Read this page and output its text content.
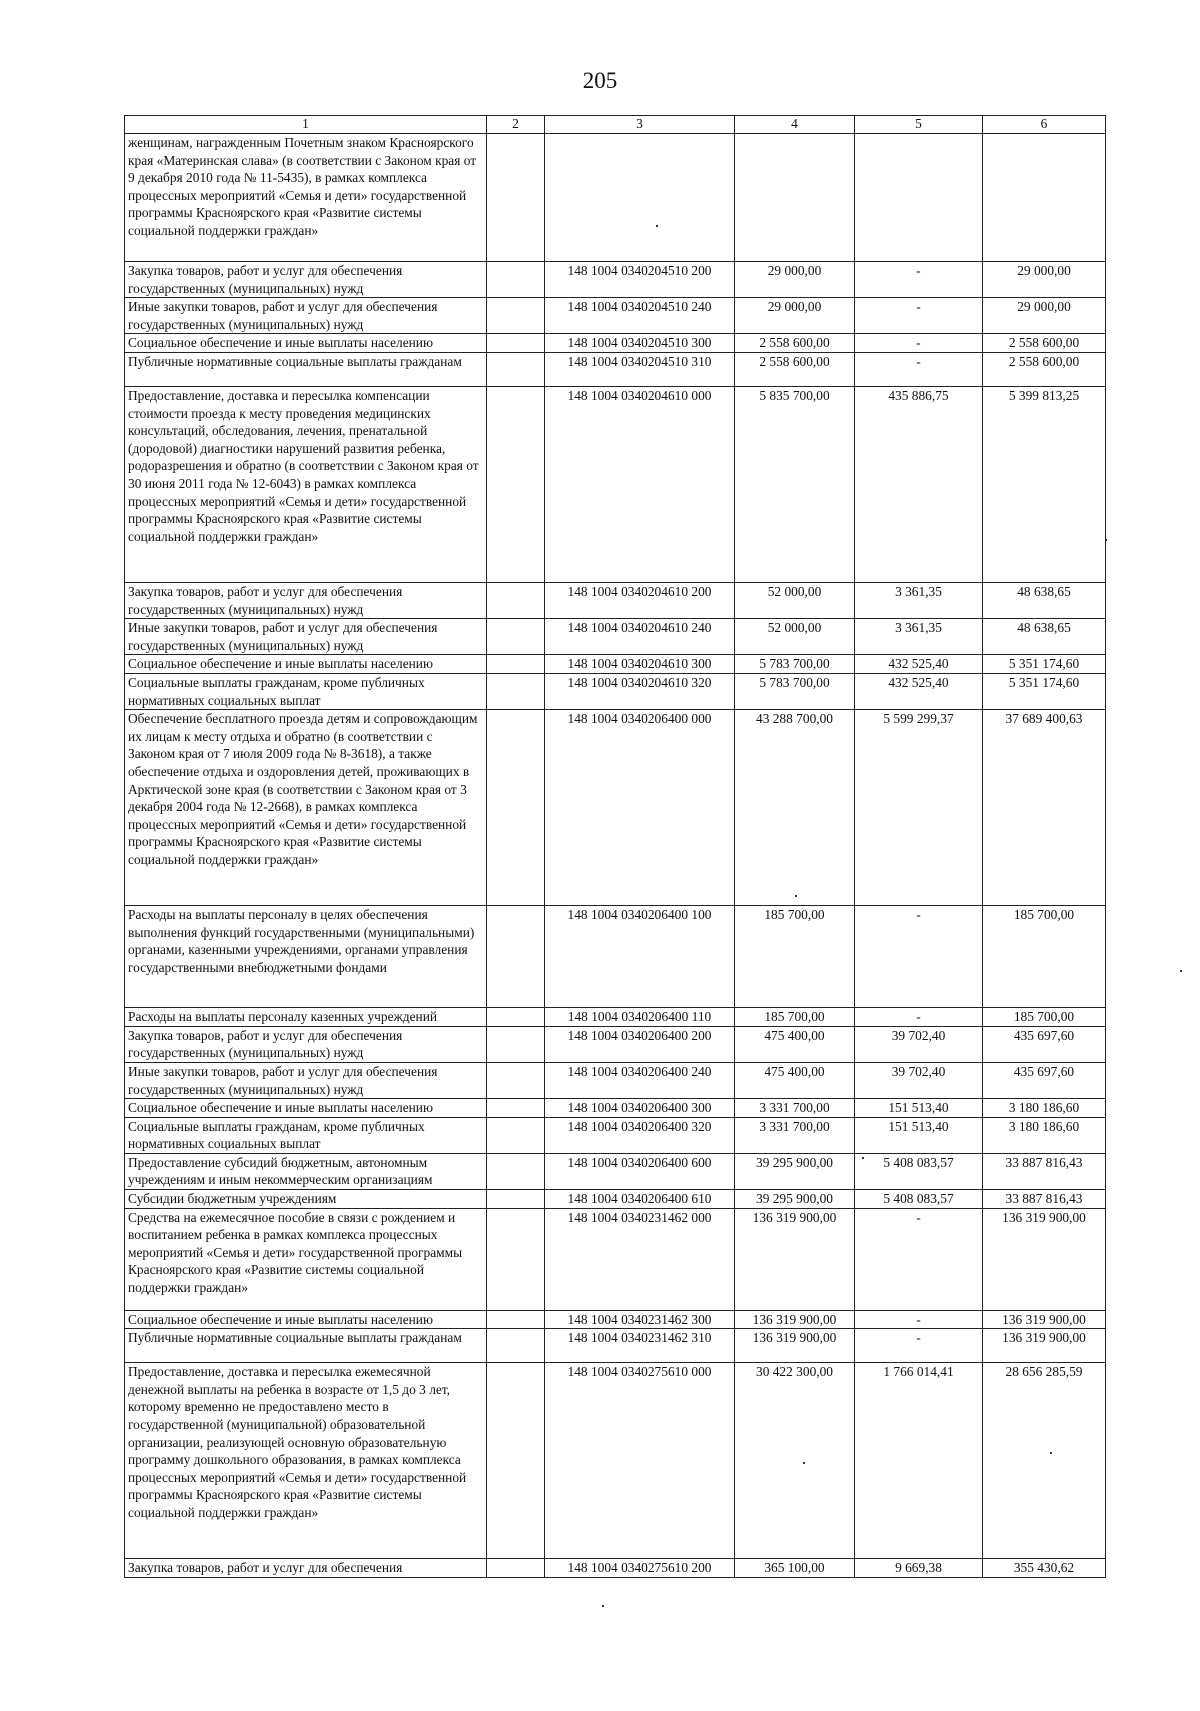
205
1	2	3	4	5	6
женщинам, награжденным Почетным знаком Красноярского края «Материнская слава» (в соответствии с Законом края от 9 декабря 2010 года № 11-5435), в рамках комплекса процессных мероприятий «Семья и дети» государственной программы Красноярского края «Развитие системы социальной поддержки граждан»					
Закупка товаров, работ и услуг для обеспечения государственных (муниципальных) нужд		148 1004 0340204510 200	29 000,00	-	29 000,00
Иные закупки товаров, работ и услуг для обеспечения государственных (муниципальных) нужд		148 1004 0340204510 240	29 000,00	-	29 000,00
Социальное обеспечение и иные выплаты населению		148 1004 0340204510 300	2 558 600,00	-	2 558 600,00
Публичные нормативные социальные выплаты гражданам		148 1004 0340204510 310	2 558 600,00	-	2 558 600,00
Предоставление, доставка и пересылка компенсации стоимости проезда к месту проведения медицинских консультаций, обследования, лечения, пренатальной (дородовой) диагностики нарушений развития ребенка, родоразрешения и обратно (в соответствии с Законом края от 30 июня 2011 года № 12-6043) в рамках комплекса процессных мероприятий «Семья и дети» государственной программы Красноярского края «Развитие системы социальной поддержки граждан»		148 1004 0340204610 000	5 835 700,00	435 886,75	5 399 813,25
Закупка товаров, работ и услуг для обеспечения государственных (муниципальных) нужд		148 1004 0340204610 200	52 000,00	3 361,35	48 638,65
Иные закупки товаров, работ и услуг для обеспечения государственных (муниципальных) нужд		148 1004 0340204610 240	52 000,00	3 361,35	48 638,65
Социальное обеспечение и иные выплаты населению		148 1004 0340204610 300	5 783 700,00	432 525,40	5 351 174,60
Социальные выплаты гражданам, кроме публичных нормативных социальных выплат		148 1004 0340204610 320	5 783 700,00	432 525,40	5 351 174,60
Обеспечение бесплатного проезда детям и сопровождающим их лицам к месту отдыха и обратно (в соответствии с Законом края от 7 июля 2009 года № 8-3618), а также обеспечение отдыха и оздоровления детей, проживающих в Арктической зоне края (в соответствии с Законом края от 3 декабря 2004 года № 12-2668), в рамках комплекса процессных мероприятий «Семья и дети» государственной программы Красноярского края «Развитие системы социальной поддержки граждан»		148 1004 0340206400 000	43 288 700,00	5 599 299,37	37 689 400,63
Расходы на выплаты персоналу в целях обеспечения выполнения функций государственными (муниципальными) органами, казенными учреждениями, органами управления государственными внебюджетными фондами		148 1004 0340206400 100	185 700,00	-	185 700,00
Расходы на выплаты персоналу казенных учреждений		148 1004 0340206400 110	185 700,00	-	185 700,00
Закупка товаров, работ и услуг для обеспечения государственных (муниципальных) нужд		148 1004 0340206400 200	475 400,00	39 702,40	435 697,60
Иные закупки товаров, работ и услуг для обеспечения государственных (муниципальных) нужд		148 1004 0340206400 240	475 400,00	39 702,40	435 697,60
Социальное обеспечение и иные выплаты населению		148 1004 0340206400 300	3 331 700,00	151 513,40	3 180 186,60
Социальные выплаты гражданам, кроме публичных нормативных социальных выплат		148 1004 0340206400 320	3 331 700,00	151 513,40	3 180 186,60
Предоставление субсидий бюджетным, автономным учреждениям и иным некоммерческим организациям		148 1004 0340206400 600	39 295 900,00	5 408 083,57	33 887 816,43
Субсидии бюджетным учреждениям		148 1004 0340206400 610	39 295 900,00	5 408 083,57	33 887 816,43
Средства на ежемесячное пособие в связи с рождением и воспитанием ребенка в рамках комплекса процессных мероприятий «Семья и дети» государственной программы Красноярского края «Развитие системы социальной поддержки граждан»		148 1004 0340231462 000	136 319 900,00	-	136 319 900,00
Социальное обеспечение и иные выплаты населению		148 1004 0340231462 300	136 319 900,00	-	136 319 900,00
Публичные нормативные социальные выплаты гражданам		148 1004 0340231462 310	136 319 900,00	-	136 319 900,00
Предоставление, доставка и пересылка ежемесячной денежной выплаты на ребенка в возрасте от 1,5 до 3 лет, которому временно не предоставлено место в государственной (муниципальной) образовательной организации, реализующей основную образовательную программу дошкольного образования, в рамках комплекса процессных мероприятий «Семья и дети» государственной программы Красноярского края «Развитие системы социальной поддержки граждан»		148 1004 0340275610 000	30 422 300,00	1 766 014,41	28 656 285,59
Закупка товаров, работ и услуг для обеспечения		148 1004 0340275610 200	365 100,00	9 669,38	355 430,62
